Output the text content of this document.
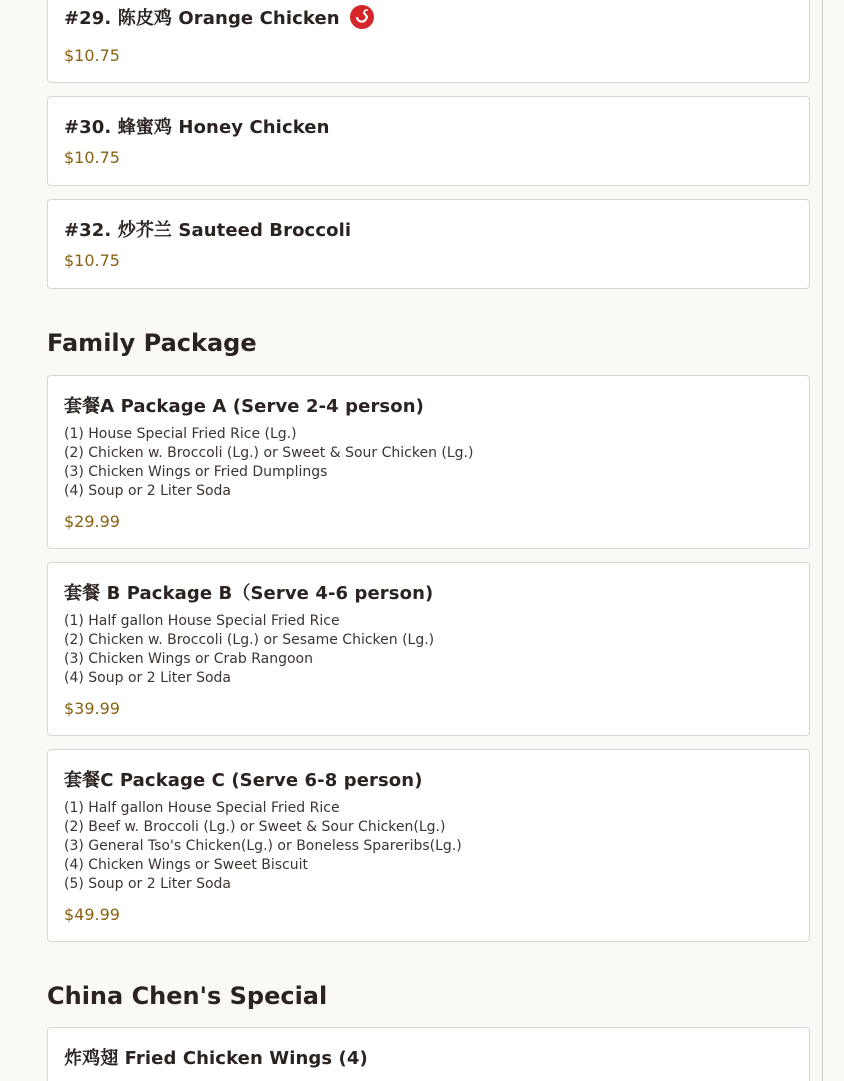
#29. 陈皮鸡 Orange Chicken
$10.75
#30. 蜂蜜鸡 Honey Chicken
$10.75
#32. 炒芥兰 Sauteed Broccoli
$10.75
Family Package
套餐A Package A (Serve 2-4 person)
(1) House Special Fried Rice (Lg.)
(2) Chicken w. Broccoli (Lg.) or Sweet & Sour Chicken (Lg.)
(3) Chicken Wings or Fried Dumplings
(4) Soup or 2 Liter Soda
$29.99
套餐 B Package B（Serve 4-6 person)
(1) Half gallon House Special Fried Rice
(2) Chicken w. Broccoli (Lg.) or Sesame Chicken (Lg.)
(3) Chicken Wings or Crab Rangoon
(4) Soup or 2 Liter Soda
$39.99
套餐C Package C (Serve 6-8 person)
(1) Half gallon House Special Fried Rice
(2) Beef w. Broccoli (Lg.) or Sweet & Sour Chicken(Lg.)
(3) General Tso's Chicken(Lg.) or Boneless Spareribs(Lg.)
(4) Chicken Wings or Sweet Biscuit
(5) Soup or 2 Liter Soda
$49.99
China Chen's Special
炸鸡翅 Fried Chicken Wings (4)
